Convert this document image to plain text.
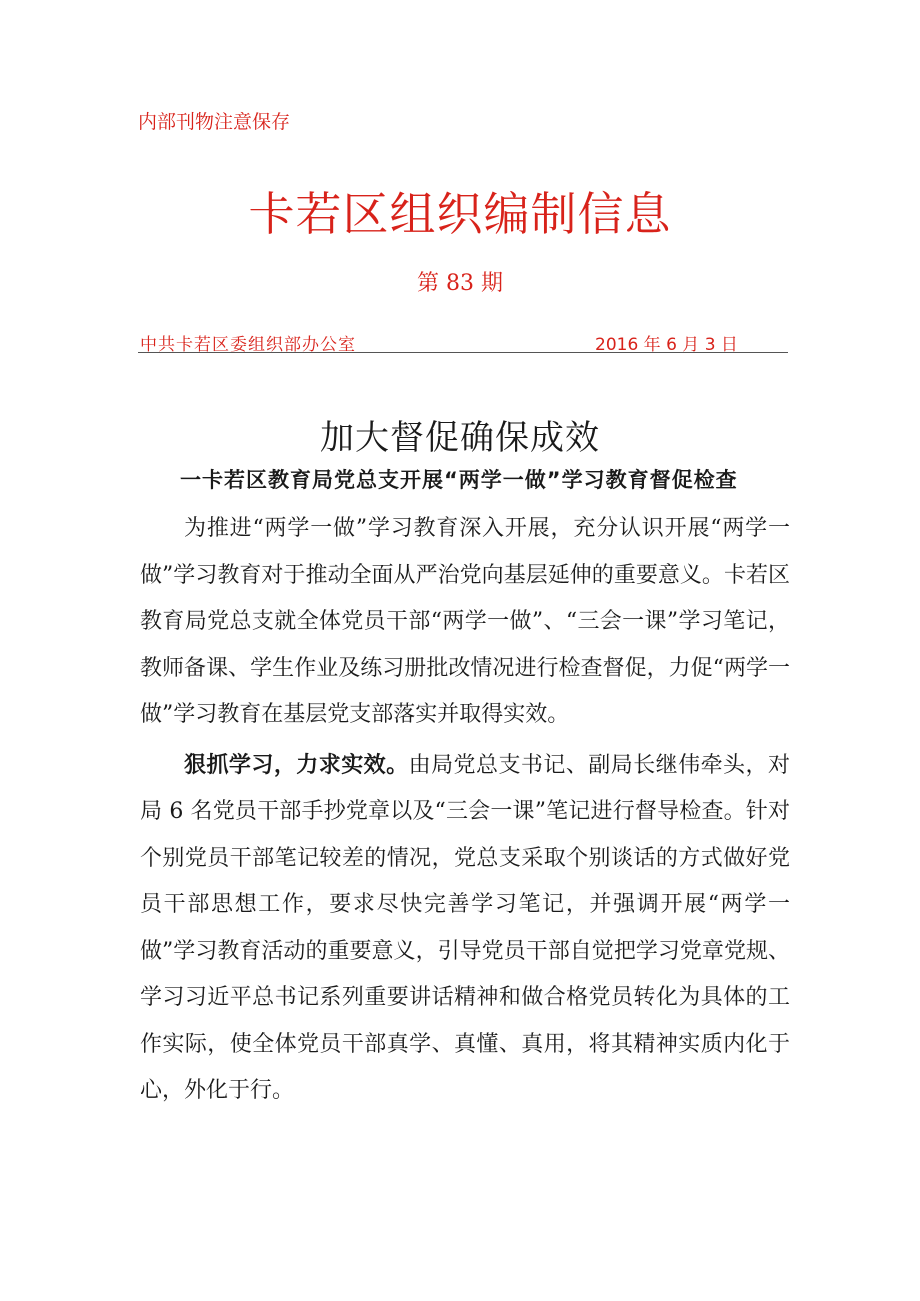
内部刊物注意保存
卡若区组织编制信息
第 83 期
中共卡若区委组织部办公室	2016 年 6 月 3 日
加大督促确保成效
一卡若区教育局党总支开展“两学一做”学习教育督促检查

为推进“两学一做”学习教育深入开展，充分认识开展“两学一做”学习教育对于推动全面从严治党向基层延伸的重要意义。卡若区教育局党总支就全体党员干部“两学一做”、“三会一课”学习笔记，教师备课、学生作业及练习册批改情况进行检查督促，力促“两学一做”学习教育在基层党支部落实并取得实效。

狠抓学习，力求实效。由局党总支书记、副局长继伟牵头，对局 6 名党员干部手抄党章以及“三会一课”笔记进行督导检查。针对个别党员干部笔记较差的情况，党总支采取个别谈话的方式做好党员干部思想工作，要求尽快完善学习笔记，并强调开展“两学一做”学习教育活动的重要意义，引导党员干部自觉把学习党章党规、学习习近平总书记系列重要讲话精神和做合格党员转化为具体的工作实际，使全体党员干部真学、真懂、真用，将其精神实质内化于心，外化于行。
